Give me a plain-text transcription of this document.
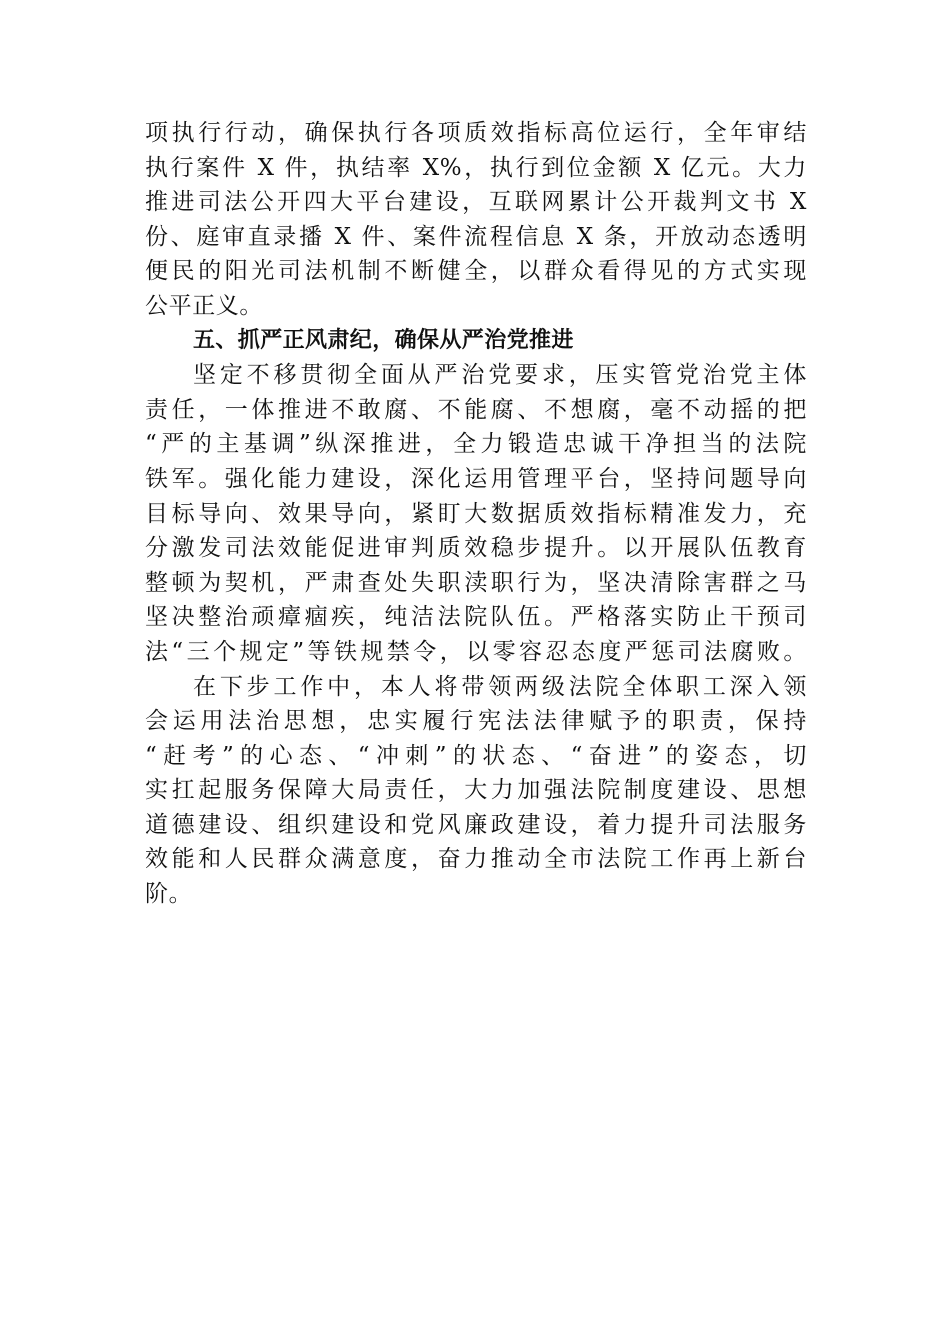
项执行行动，确保执行各项质效指标高位运行，全年审结
执行案件 X 件，执结率 X%，执行到位金额 X 亿元。大力
推进司法公开四大平台建设，互联网累计公开裁判文书 X
份、庭审直录播 X 件、案件流程信息 X 条，开放动态透明
便民的阳光司法机制不断健全，以群众看得见的方式实现
公平正义。
五、抓严正风肃纪，确保从严治党推进
坚定不移贯彻全面从严治党要求，压实管党治党主体
责任，一体推进不敢腐、不能腐、不想腐，毫不动摇的把
“严的主基调”纵深推进，全力锻造忠诚干净担当的法院
铁军。强化能力建设，深化运用管理平台，坚持问题导向
目标导向、效果导向，紧盯大数据质效指标精准发力，充
分激发司法效能促进审判质效稳步提升。以开展队伍教育
整顿为契机，严肃查处失职渎职行为，坚决清除害群之马
坚决整治顽瘴痼疾，纯洁法院队伍。严格落实防止干预司
法“三个规定”等铁规禁令，以零容忍态度严惩司法腐败。
在下步工作中，本人将带领两级法院全体职工深入领
会运用法治思想，忠实履行宪法法律赋予的职责，保持
“赶考”的心态、“冲刺”的状态、“奋进”的姿态，切
实扛起服务保障大局责任，大力加强法院制度建设、思想
道德建设、组织建设和党风廉政建设，着力提升司法服务
效能和人民群众满意度，奋力推动全市法院工作再上新台
阶。
